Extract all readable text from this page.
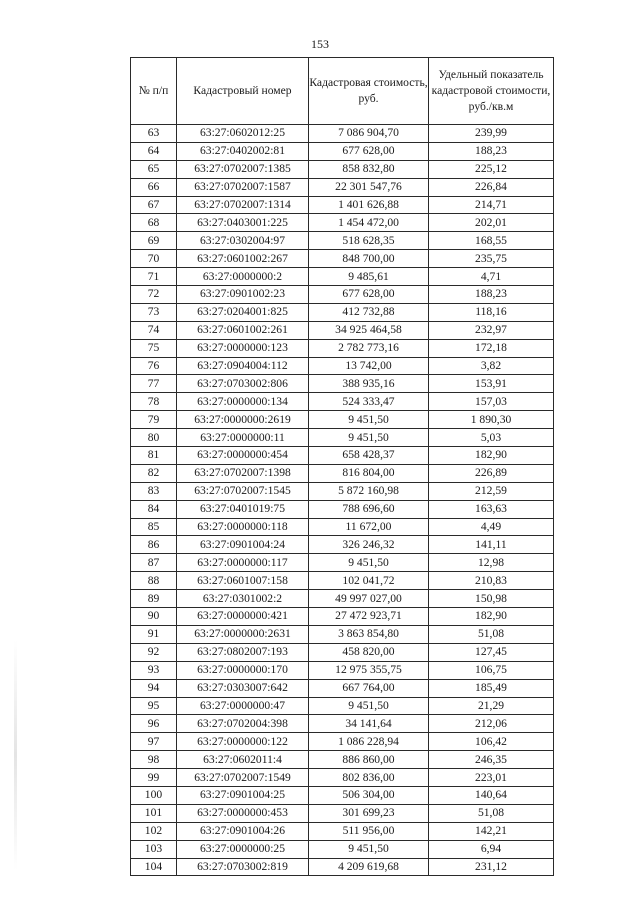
153
№ п/п	Кадастровый номер	Кадастровая стоимость, руб.	Удельный показатель кадастровой стоимости, руб./кв.м
63	63:27:0602012:25	7 086 904,70	239,99
64	63:27:0402002:81	677 628,00	188,23
65	63:27:0702007:1385	858 832,80	225,12
66	63:27:0702007:1587	22 301 547,76	226,84
67	63:27:0702007:1314	1 401 626,88	214,71
68	63:27:0403001:225	1 454 472,00	202,01
69	63:27:0302004:97	518 628,35	168,55
70	63:27:0601002:267	848 700,00	235,75
71	63:27:0000000:2	9 485,61	4,71
72	63:27:0901002:23	677 628,00	188,23
73	63:27:0204001:825	412 732,88	118,16
74	63:27:0601002:261	34 925 464,58	232,97
75	63:27:0000000:123	2 782 773,16	172,18
76	63:27:0904004:112	13 742,00	3,82
77	63:27:0703002:806	388 935,16	153,91
78	63:27:0000000:134	524 333,47	157,03
79	63:27:0000000:2619	9 451,50	1 890,30
80	63:27:0000000:11	9 451,50	5,03
81	63:27:0000000:454	658 428,37	182,90
82	63:27:0702007:1398	816 804,00	226,89
83	63:27:0702007:1545	5 872 160,98	212,59
84	63:27:0401019:75	788 696,60	163,63
85	63:27:0000000:118	11 672,00	4,49
86	63:27:0901004:24	326 246,32	141,11
87	63:27:0000000:117	9 451,50	12,98
88	63:27:0601007:158	102 041,72	210,83
89	63:27:0301002:2	49 997 027,00	150,98
90	63:27:0000000:421	27 472 923,71	182,90
91	63:27:0000000:2631	3 863 854,80	51,08
92	63:27:0802007:193	458 820,00	127,45
93	63:27:0000000:170	12 975 355,75	106,75
94	63:27:0303007:642	667 764,00	185,49
95	63:27:0000000:47	9 451,50	21,29
96	63:27:0702004:398	34 141,64	212,06
97	63:27:0000000:122	1 086 228,94	106,42
98	63:27:0602011:4	886 860,00	246,35
99	63:27:0702007:1549	802 836,00	223,01
100	63:27:0901004:25	506 304,00	140,64
101	63:27:0000000:453	301 699,23	51,08
102	63:27:0901004:26	511 956,00	142,21
103	63:27:0000000:25	9 451,50	6,94
104	63:27:0703002:819	4 209 619,68	231,12
